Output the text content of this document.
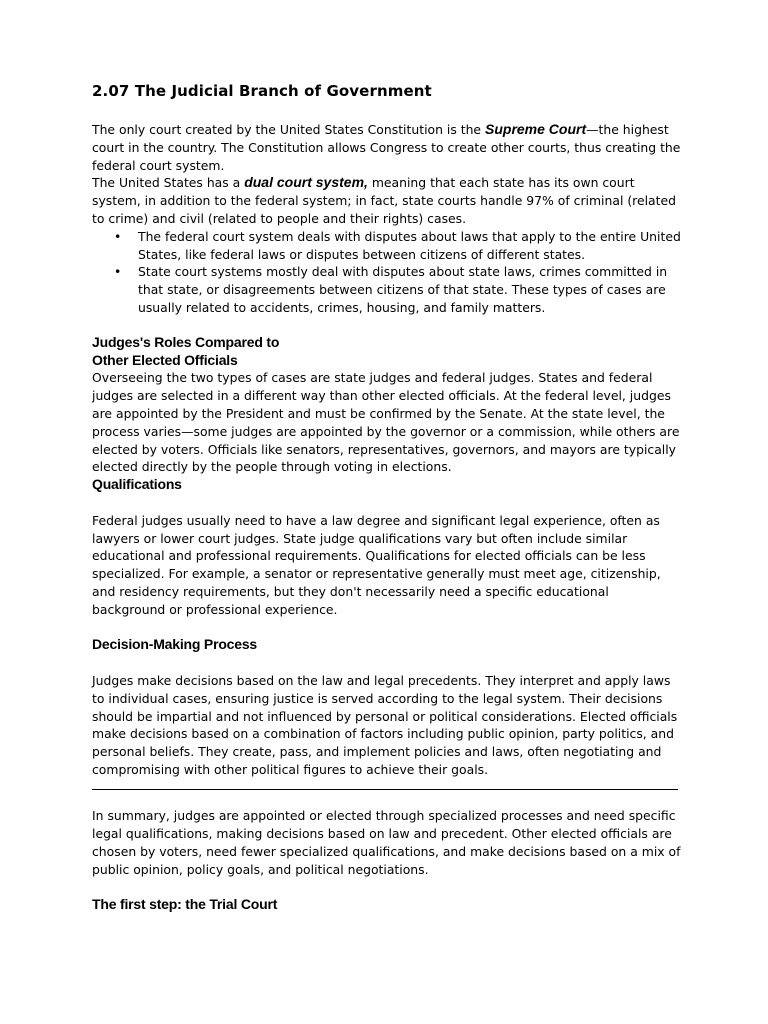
2.07 The Judicial Branch of Government

The only court created by the United States Constitution is the Supreme Court—the highest court in the country. The Constitution allows Congress to create other courts, thus creating the federal court system.

The United States has a dual court system, meaning that each state has its own court system, in addition to the federal system; in fact, state courts handle 97% of criminal (related to crime) and civil (related to people and their rights) cases.

• The federal court system deals with disputes about laws that apply to the entire United States, like federal laws or disputes between citizens of different states.
• State court systems mostly deal with disputes about state laws, crimes committed in that state, or disagreements between citizens of that state. These types of cases are usually related to accidents, crimes, housing, and family matters.
Judges's Roles Compared to
Other Elected Officials

Overseeing the two types of cases are state judges and federal judges. States and federal judges are selected in a different way than other elected officials. At the federal level, judges are appointed by the President and must be confirmed by the Senate. At the state level, the process varies—some judges are appointed by the governor or a commission, while others are elected by voters. Officials like senators, representatives, governors, and mayors are typically elected directly by the people through voting in elections.

Qualifications

Federal judges usually need to have a law degree and significant legal experience, often as lawyers or lower court judges. State judge qualifications vary but often include similar educational and professional requirements. Qualifications for elected officials can be less specialized. For example, a senator or representative generally must meet age, citizenship, and residency requirements, but they don't necessarily need a specific educational background or professional experience.

Decision-Making Process

Judges make decisions based on the law and legal precedents. They interpret and apply laws to individual cases, ensuring justice is served according to the legal system. Their decisions should be impartial and not influenced by personal or political considerations. Elected officials make decisions based on a combination of factors including public opinion, party politics, and personal beliefs. They create, pass, and implement policies and laws, often negotiating and compromising with other political figures to achieve their goals.

In summary, judges are appointed or elected through specialized processes and need specific legal qualifications, making decisions based on law and precedent. Other elected officials are chosen by voters, need fewer specialized qualifications, and make decisions based on a mix of public opinion, policy goals, and political negotiations.

The first step: the Trial Court
